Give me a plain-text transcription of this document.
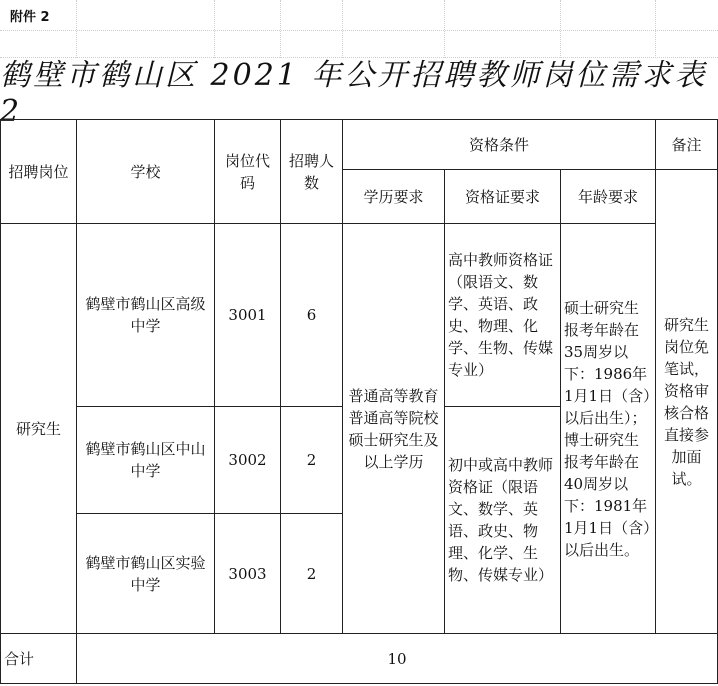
附件 2
鹤壁市鹤山区 2021 年公开招聘教师岗位需求表 2
招聘岗位	学校	岗位代码	招聘人数	资格条件			备注
				学历要求	资格证要求	年龄要求	研究生岗位免笔试，资格审核合格直接参加面试。
研究生	鹤壁市鹤山区高级中学	3001	6	普通高等教育普通高等院校硕士研究生及以上学历	高中教师资格证（限语文、数学、英语、政史、物理、化学、生物、传媒专业）	硕士研究生报考年龄在35周岁以下：1986年1月1日（含）以后出生）；博士研究生报考年龄在40周岁以下：1981年1月1日（含）以后出生。	
	鹤壁市鹤山区中山中学	3002	2		初中或高中教师资格证（限语文、数学、英语、政史、物理、化学、生物、传媒专业）		
	鹤壁市鹤山区实验中学	3003	2				
合计	10						
